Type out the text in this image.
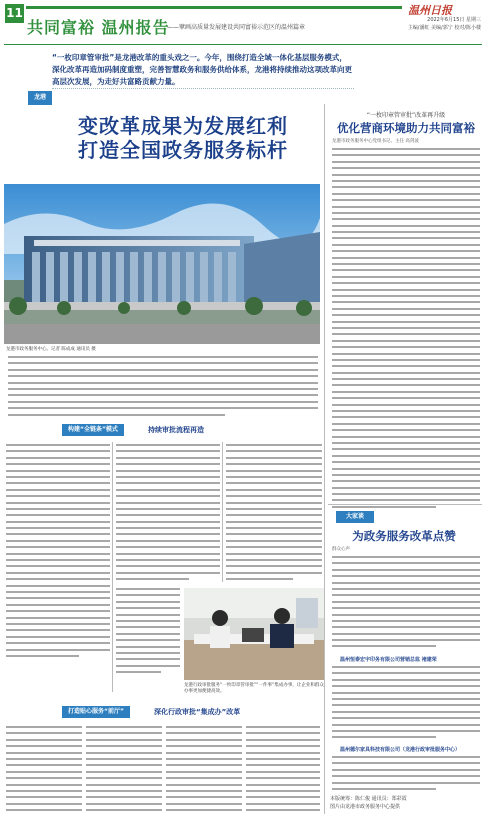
11	温州日报
共同富裕 温州报告
——擘画高质量发展建设共同富裕示范区的温州篇章
2022年6月15日 星期三
主编/潘虹 美编/郭宁 校对/陈小楼

“一枚印章管审批”是龙港改革的重头戏之一。今年，围绕打造全域一体化基层服务模式，深化改革再造加码制度重塑，完善智慧政务和服务供给体系，龙港将持续推动这项改革向更高层次发展，为走好共富路贡献力量。

龙港
变改革成果为发展红利
打造全国政务服务标杆
龙港市政务服务中心。记者 陈成成 通讯员 摄
构建“全链条”模式	持续审批流程再造
龙港行政审批服务“一枚印章管审批”“一件事”集成办事，让企业和群众办事更加便捷高效。
打造贴心服务“前厅”	深化行政审批“集成办”改革
“一枚印章管审批”改革再升级
优化营商环境助力共同富裕
龙港市政务服务中心党组书记、主任 高剑波
大家谈
为政务服务改革点赞
群众心声
温州恒泰宏宇印务有限公司营销总监 褚建荣
温州德尔家具科技有限公司（龙港行政审批服务中心）
本版统筹：陈仁俊 通讯员：郑彩霞
图片由龙港市政务服务中心提供
